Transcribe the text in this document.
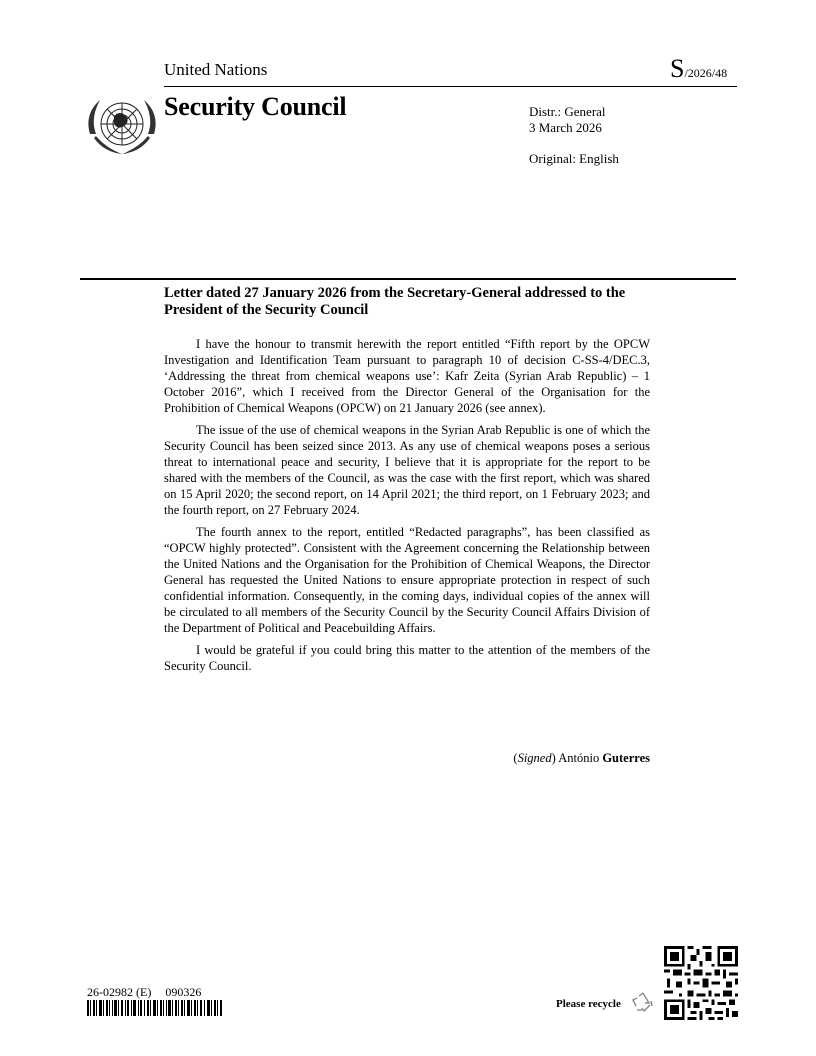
United Nations	S/2026/48
Security Council	Distr.: General
3 March 2026
Original: English
Letter dated 27 January 2026 from the Secretary-General addressed to the President of the Security Council

I have the honour to transmit herewith the report entitled “Fifth report by the OPCW Investigation and Identification Team pursuant to paragraph 10 of decision C-SS-4/DEC.3, ‘Addressing the threat from chemical weapons use’: Kafr Zeita (Syrian Arab Republic) – 1 October 2016”, which I received from the Director General of the Organisation for the Prohibition of Chemical Weapons (OPCW) on 21 January 2026 (see annex).

The issue of the use of chemical weapons in the Syrian Arab Republic is one of which the Security Council has been seized since 2013. As any use of chemical weapons poses a serious threat to international peace and security, I believe that it is appropriate for the report to be shared with the members of the Council, as was the case with the first report, which was shared on 15 April 2020; the second report, on 14 April 2021; the third report, on 1 February 2023; and the fourth report, on 27 February 2024.

The fourth annex to the report, entitled “Redacted paragraphs”, has been classified as “OPCW highly protected”. Consistent with the Agreement concerning the Relationship between the United Nations and the Organisation for the Prohibition of Chemical Weapons, the Director General has requested the United Nations to ensure appropriate protection in respect of such confidential information. Consequently, in the coming days, individual copies of the annex will be circulated to all members of the Security Council by the Security Council Affairs Division of the Department of Political and Peacebuilding Affairs.

I would be grateful if you could bring this matter to the attention of the members of the Security Council.

(Signed) António Guterres
26-02982 (E) 090326
Please recycle
